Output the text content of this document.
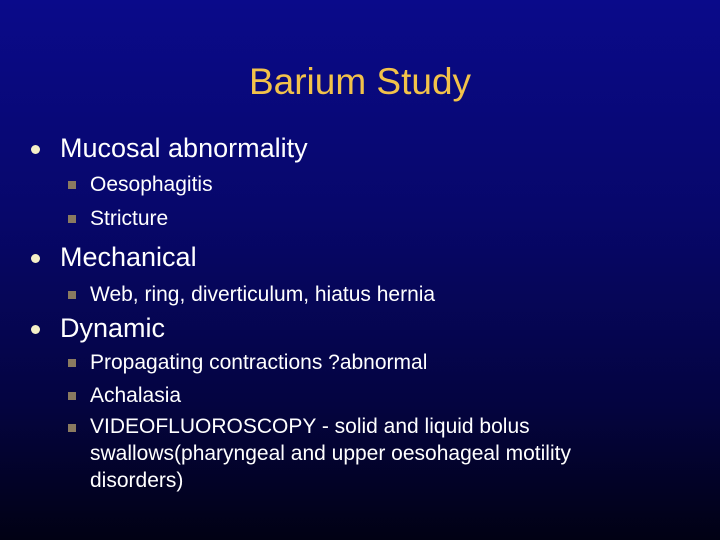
Barium Study
Mucosal abnormality
Oesophagitis
Stricture
Mechanical
Web, ring, diverticulum, hiatus hernia
Dynamic
Propagating contractions ?abnormal
Achalasia
VIDEOFLUOROSCOPY - solid and liquid bolus swallows(pharyngeal and upper oesohageal motility disorders)
